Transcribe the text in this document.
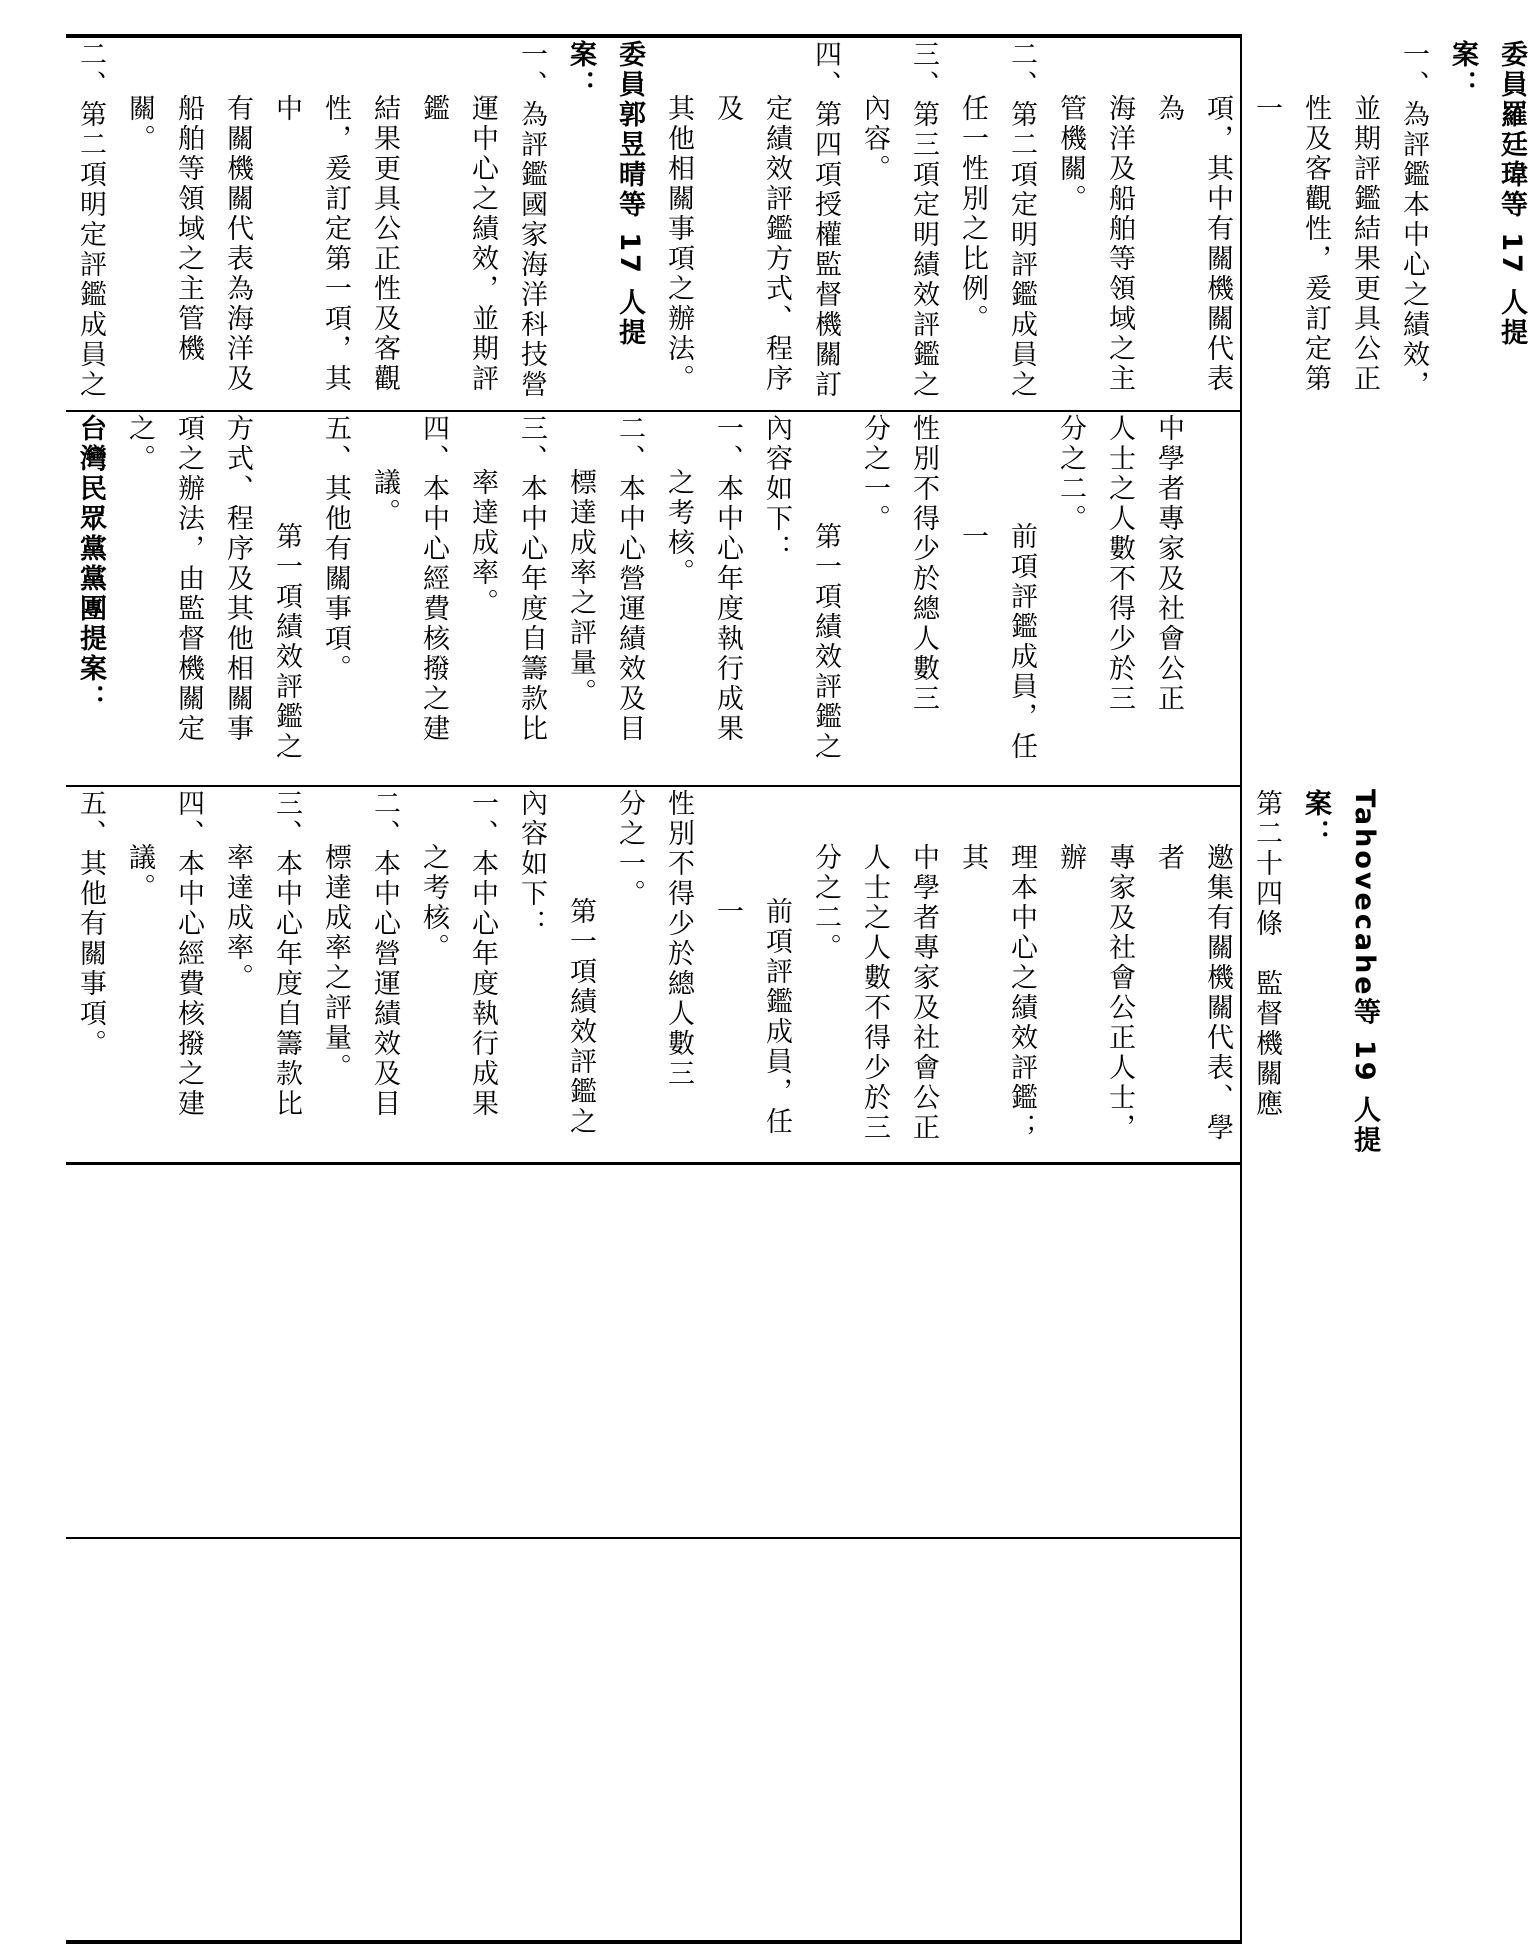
委員羅廷瑋等 17 人提案：
一、為評鑑本中心之績效，
並期評鑑結果更具公正
性及客觀性，爰訂定第一
項，其中有關機關代表為
海洋及船舶等領域之主
管機關。
二、第二項定明評鑑成員之
任一性別之比例。
三、第三項定明績效評鑑之
內容。
四、第四項授權監督機關訂
定績效評鑑方式、程序及
其他相關事項之辦法。
委員郭昱晴等 17 人提案：
一、為評鑑國家海洋科技營
運中心之績效，並期評鑑
結果更具公正性及客觀
性，爰訂定第一項，其中
有關機關代表為海洋及
船舶等領域之主管機關。
二、第二項明定評鑑成員之
中學者專家及社會公正
人士之人數不得少於三
分之二。
前項評鑑成員，任一
性別不得少於總人數三
分之一。
第一項績效評鑑之
內容如下：
一、本中心年度執行成果
之考核。
二、本中心營運績效及目
標達成率之評量。
三、本中心年度自籌款比
率達成率。
四、本中心經費核撥之建
議。
五、其他有關事項。
第一項績效評鑑之
方式、程序及其他相關事
項之辦法，由監督機關定
之。
台灣民眾黨黨團提案：
Tahovecahe等 19 人提案：
第二十四條　監督機關應
邀集有關機關代表、學者
專家及社會公正人士，辦
理本中心之績效評鑑；其
中學者專家及社會公正
人士之人數不得少於三
分之二。
前項評鑑成員，任一
性別不得少於總人數三
分之一。
第一項績效評鑑之
內容如下：
一、本中心年度執行成果
之考核。
二、本中心營運績效及目
標達成率之評量。
三、本中心年度自籌款比
率達成率。
四、本中心經費核撥之建
議。
五、其他有關事項。
